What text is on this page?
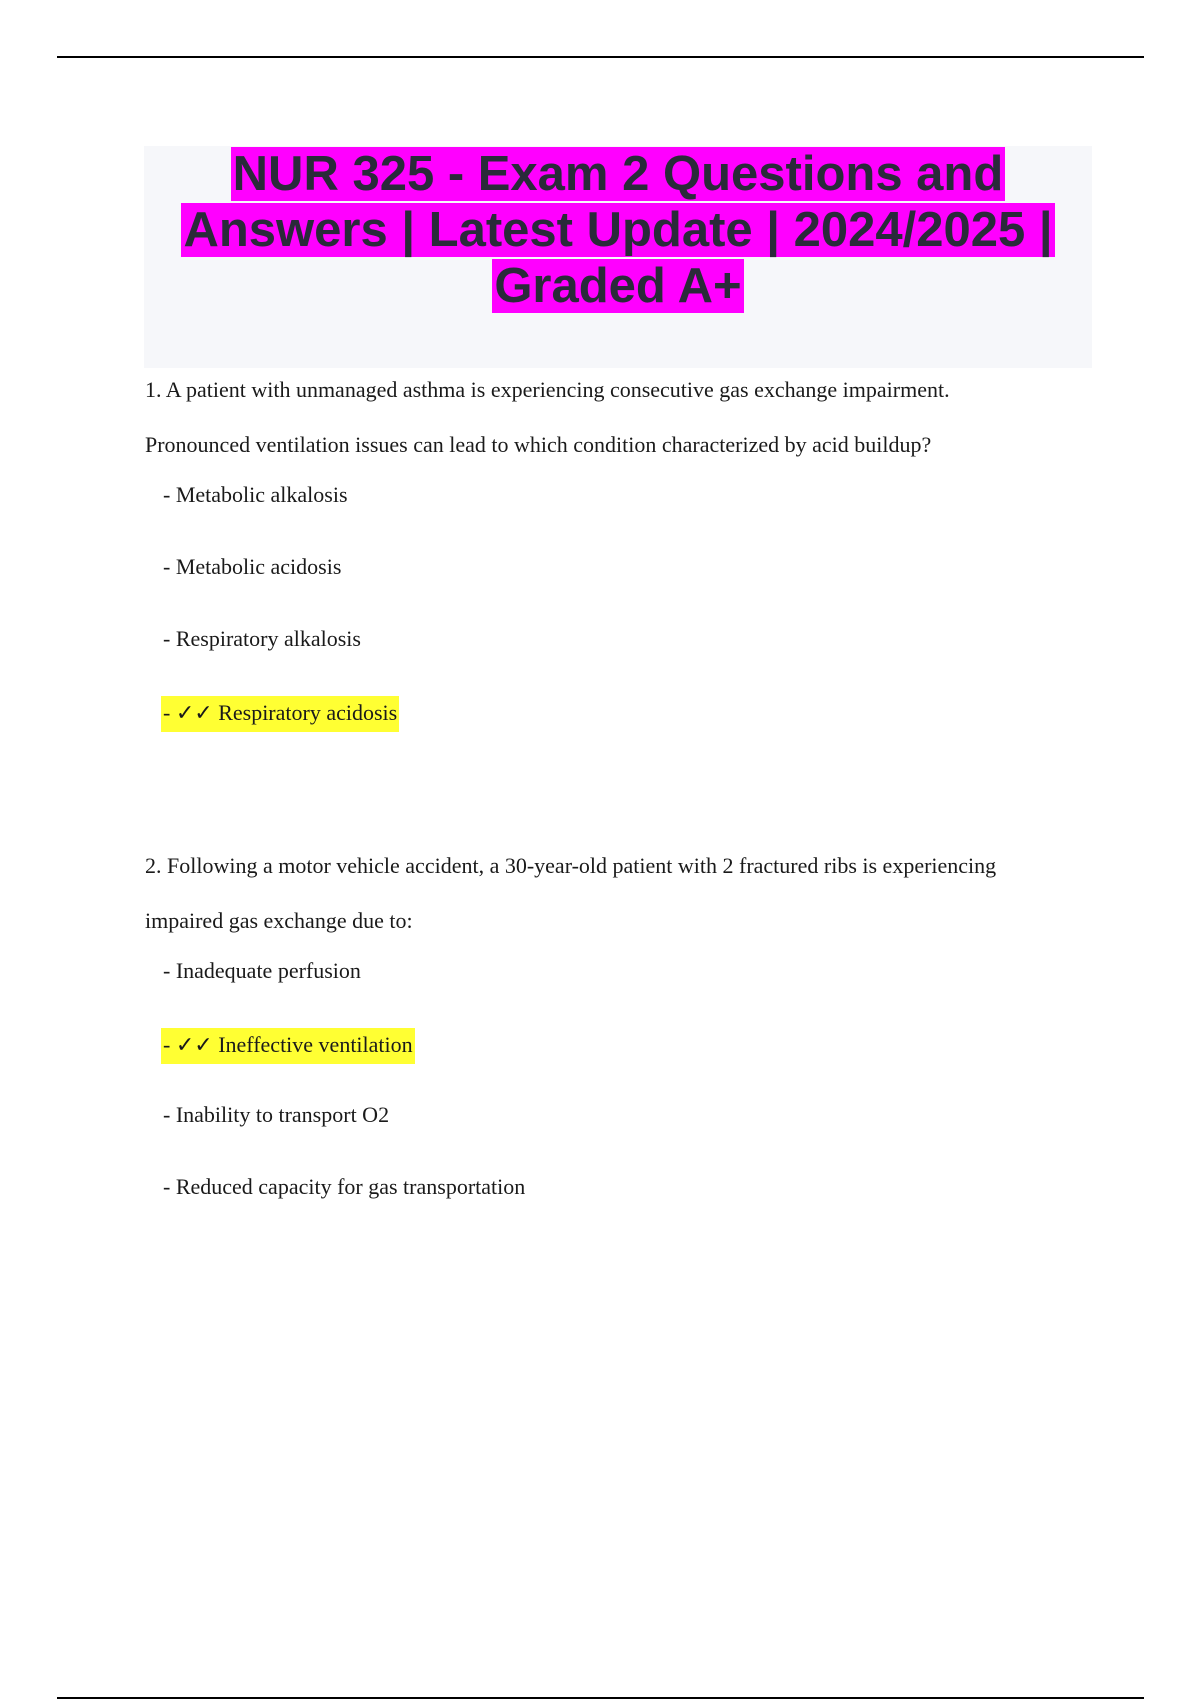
NUR 325 - Exam 2 Questions and
Answers | Latest Update | 2024/2025 |
Graded A+

1. A patient with unmanaged asthma is experiencing consecutive gas exchange impairment.
Pronounced ventilation issues can lead to which condition characterized by acid buildup?

- Metabolic alkalosis
- Metabolic acidosis
- Respiratory alkalosis
- ✓✓ Respiratory acidosis

2. Following a motor vehicle accident, a 30-year-old patient with 2 fractured ribs is experiencing
impaired gas exchange due to:

- Inadequate perfusion
- ✓✓ Ineffective ventilation
- Inability to transport O2
- Reduced capacity for gas transportation
